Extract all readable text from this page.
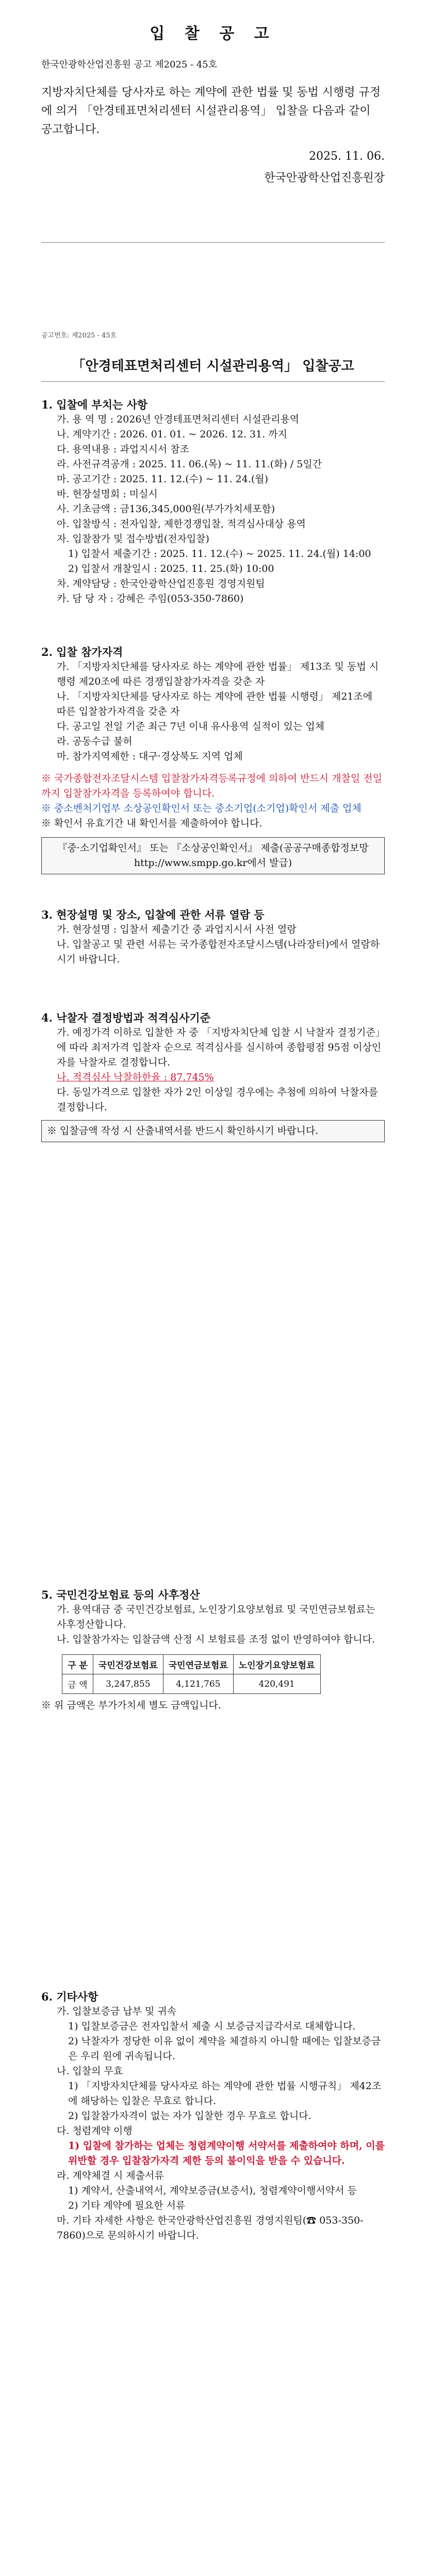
입 찰 공 고
한국안광학산업진흥원 공고 제2025 - 45호
지방자치단체를 당사자로 하는 계약에 관한 법률 및 동법 시행령 규정에 의거 「안경테표면처리센터 시설관리용역」 입찰을 다음과 같이 공고합니다.
2025. 11. 06.
한국안광학산업진흥원장
공고번호: 제2025 - 45호
「안경테표면처리센터 시설관리용역」 입찰공고
1. 입찰에 부치는 사항
가. 용 역 명 : 2026년 안경테표면처리센터 시설관리용역
나. 계약기간 : 2026. 01. 01. ~ 2026. 12. 31. 까지
다. 용역내용 : 과업지시서 참조
라. 사전규격공개 : 2025. 11. 06.(목) ~ 11. 11.(화) / 5일간
마. 공고기간 : 2025. 11. 12.(수) ~ 11. 24.(월)
바. 현장설명회 : 미실시
사. 기초금액 : 금136,345,000원(부가가치세포함)
아. 입찰방식 : 전자입찰, 제한경쟁입찰, 적격심사대상 용역
자. 입찰참가 및 접수방법(전자입찰)
1) 입찰서 제출기간 : 2025. 11. 12.(수) ~ 2025. 11. 24.(월) 14:00
2) 입찰서 개찰일시 : 2025. 11. 25.(화) 10:00
차. 계약담당 : 한국안광학산업진흥원 경영지원팀
카. 담 당 자 : 강혜은 주임(053-350-7860)
2. 입찰 참가자격
가. 「지방자치단체를 당사자로 하는 계약에 관한 법률」 제13조 및 동법 시행령 제20조에 따른 경쟁입찰참가자격을 갖춘 자
나. 「지방자치단체를 당사자로 하는 계약에 관한 법률 시행령」 제21조에 따른 입찰참가자격을 갖춘 자
다. 공고일 전일 기준 최근 7년 이내 유사용역 실적이 있는 업체
라. 공동수급 불허
마. 참가지역제한 : 대구·경상북도 지역 업체
※ 국가종합전자조달시스템 입찰참가자격등록규정에 의하여 반드시 개찰일 전일까지 입찰참가자격을 등록하여야 합니다.
※ 중소벤처기업부 소상공인확인서 또는 중소기업(소기업)확인서 제출 업체
※ 확인서 유효기간 내 확인서를 제출하여야 합니다.
『중·소기업확인서』 또는 『소상공인확인서』 제출(공공구매종합정보망 http://www.smpp.go.kr에서 발급)
3. 현장설명 및 장소, 입찰에 관한 서류 열람 등
가. 현장설명 : 입찰서 제출기간 중 과업지시서 사전 열람
나. 입찰공고 및 관련 서류는 국가종합전자조달시스템(나라장터)에서 열람하시기 바랍니다.
4. 낙찰자 결정방법과 적격심사기준
가. 예정가격 이하로 입찰한 자 중 「지방자치단체 입찰 시 낙찰자 결정기준」에 따라 최저가격 입찰자 순으로 적격심사를 실시하여 종합평점 95점 이상인 자를 낙찰자로 결정합니다.
나. 적격심사 낙찰하한율 : 87.745%
다. 동일가격으로 입찰한 자가 2인 이상일 경우에는 추첨에 의하여 낙찰자를 결정합니다.
※ 입찰금액 작성 시 산출내역서를 반드시 확인하시기 바랍니다.
5. 국민건강보험료 등의 사후정산
가. 용역대금 중 국민건강보험료, 노인장기요양보험료 및 국민연금보험료는 사후정산합니다.
나. 입찰참가자는 입찰금액 산정 시 보험료를 조정 없이 반영하여야 합니다.
구 분	국민건강보험료	국민연금보험료	노인장기요양보험료
금 액	3,247,855	4,121,765	420,491
※ 위 금액은 부가가치세 별도 금액입니다.
6. 기타사항
가. 입찰보증금 납부 및 귀속
1) 입찰보증금은 전자입찰서 제출 시 보증금지급각서로 대체합니다.
2) 낙찰자가 정당한 이유 없이 계약을 체결하지 아니할 때에는 입찰보증금은 우리 원에 귀속됩니다.
나. 입찰의 무효
1) 「지방자치단체를 당사자로 하는 계약에 관한 법률 시행규칙」 제42조에 해당하는 입찰은 무효로 합니다.
2) 입찰참가자격이 없는 자가 입찰한 경우 무효로 합니다.
다. 청렴계약 이행
1) 입찰에 참가하는 업체는 청렴계약이행 서약서를 제출하여야 하며, 이를 위반할 경우 입찰참가자격 제한 등의 불이익을 받을 수 있습니다.
라. 계약체결 시 제출서류
1) 계약서, 산출내역서, 계약보증금(보증서), 청렴계약이행서약서 등
2) 기타 계약에 필요한 서류
마. 기타 자세한 사항은 한국안광학산업진흥원 경영지원팀(☎ 053-350-7860)으로 문의하시기 바랍니다.
